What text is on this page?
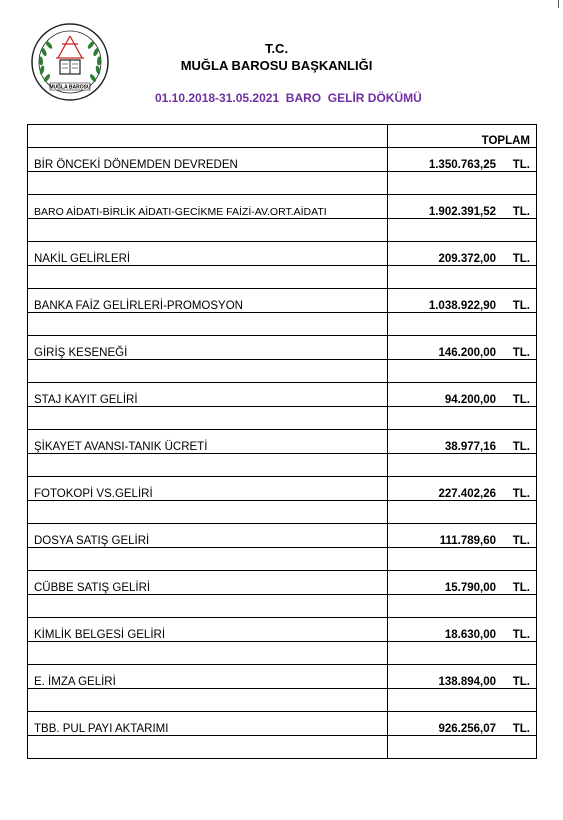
MUĞLA BAROSU
T.C.
MUĞLA BAROSU BAŞKANLIĞI
01.10.2018-31.05.2021  BARO  GELİR DÖKÜMÜ
	TOPLAM
BİR ÖNCEKİ DÖNEMDEN DEVREDEN	1.350.763,25 TL.

BARO AİDATI-BİRLİK AİDATI-GECİKME FAİZİ-AV.ORT.AİDATI	1.902.391,52 TL.

NAKİL GELİRLERİ	209.372,00 TL.

BANKA FAİZ GELİRLERİ-PROMOSYON	1.038.922,90 TL.

GİRİŞ KESENEĞİ	146.200,00 TL.

STAJ KAYIT GELİRİ	94.200,00 TL.

ŞİKAYET AVANSI-TANIK ÜCRETİ	38.977,16 TL.

FOTOKOPİ VS.GELİRİ	227.402,26 TL.

DOSYA SATIŞ GELİRİ	111.789,60 TL.

CÜBBE SATIŞ GELİRİ	15.790,00 TL.

KİMLİK BELGESİ GELİRİ	18.630,00 TL.

E. İMZA GELİRİ	138.894,00 TL.

TBB. PUL PAYI AKTARIMI	926.256,07 TL.
